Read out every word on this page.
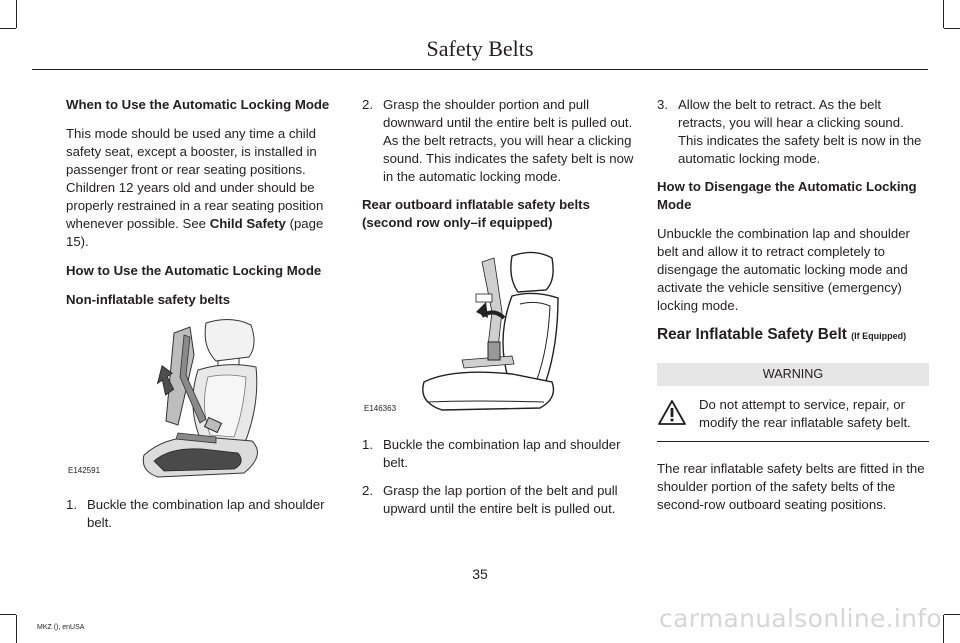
Safety Belts
When to Use the Automatic Locking Mode
This mode should be used any time a child safety seat, except a booster, is installed in passenger front or rear seating positions. Children 12 years old and under should be properly restrained in a rear seating position whenever possible. See Child Safety (page 15).
How to Use the Automatic Locking Mode
Non-inflatable safety belts
E142591
1. Buckle the combination lap and shoulder belt.
2. Grasp the shoulder portion and pull downward until the entire belt is pulled out. As the belt retracts, you will hear a clicking sound. This indicates the safety belt is now in the automatic locking mode.
Rear outboard inflatable safety belts (second row only–if equipped)
E146363
1. Buckle the combination lap and shoulder belt.
2. Grasp the lap portion of the belt and pull upward until the entire belt is pulled out.
3. Allow the belt to retract. As the belt retracts, you will hear a clicking sound. This indicates the safety belt is now in the automatic locking mode.
How to Disengage the Automatic Locking Mode
Unbuckle the combination lap and shoulder belt and allow it to retract completely to disengage the automatic locking mode and activate the vehicle sensitive (emergency) locking mode.
Rear Inflatable Safety Belt (If Equipped)
WARNING
Do not attempt to service, repair, or modify the rear inflatable safety belt.
The rear inflatable safety belts are fitted in the shoulder portion of the safety belts of the second-row outboard seating positions.
35
MKZ (), enUSA	carmanualsonline.info
